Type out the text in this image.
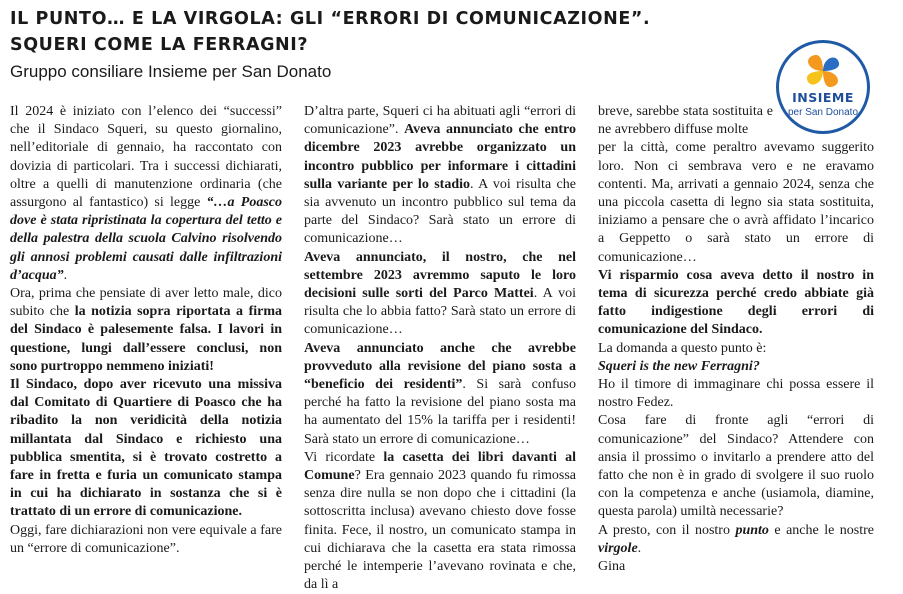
IL PUNTO… E LA VIRGOLA: GLI “ERRORI DI COMUNICAZIONE”.
SQUERI COME LA FERRAGNI?
Gruppo consiliare Insieme per San Donato
INSIEME
per San Donato

Il 2024 è iniziato con l’elenco dei “successi” che il Sindaco Squeri, su questo giornalino, nell’editoriale di gennaio, ha raccontato con dovizia di particolari. Tra i successi dichiarati, oltre a quelli di manutenzione ordinaria (che assurgono al fantastico) si legge “…a Poasco dove è stata ripristinata la copertura del tetto e della palestra della scuola Calvino risolvendo gli annosi problemi causati dalle infiltrazioni d’acqua”.

Ora, prima che pensiate di aver letto male, dico subito che la notizia sopra riportata a firma del Sindaco è palesemente falsa. I lavori in questione, lungi dall’essere conclusi, non sono purtroppo nemmeno iniziati!

Il Sindaco, dopo aver ricevuto una missiva dal Comitato di Quartiere di Poasco che ha ribadito la non veridicità della notizia millantata dal Sindaco e richiesto una pubblica smentita, si è trovato costretto a fare in fretta e furia un comunicato stampa in cui ha dichiarato in sostanza che si è trattato di un errore di comunicazione.

Oggi, fare dichiarazioni non vere equivale a fare un “errore di comunicazione”.

D’altra parte, Squeri ci ha abituati agli “errori di comunicazione”. Aveva annunciato che entro dicembre 2023 avrebbe organizzato un incontro pubblico per informare i cittadini sulla variante per lo stadio. A voi risulta che sia avvenuto un incontro pubblico sul tema da parte del Sindaco? Sarà stato un errore di comunicazione…

Aveva annunciato, il nostro, che nel settembre 2023 avremmo saputo le loro decisioni sulle sorti del Parco Mattei. A voi risulta che lo abbia fatto? Sarà stato un errore di comunicazione…

Aveva annunciato anche che avrebbe provveduto alla revisione del piano sosta a “beneficio dei residenti”. Si sarà confuso perché ha fatto la revisione del piano sosta ma ha aumentato del 15% la tariffa per i residenti! Sarà stato un errore di comunicazione…

Vi ricordate la casetta dei libri davanti al Comune? Era gennaio 2023 quando fu rimossa senza dire nulla se non dopo che i cittadini (la sottoscritta inclusa) avevano chiesto dove fosse finita. Fece, il nostro, un comunicato stampa in cui dichiarava che la casetta era stata rimossa perché le intemperie l’avevano rovinata e che, da lì a

breve, sarebbe stata sostituita e ne avrebbero diffuse molte

per la città, come peraltro avevamo suggerito loro. Non ci sembrava vero e ne eravamo contenti. Ma, arrivati a gennaio 2024, senza che una piccola casetta di legno sia stata sostituita, iniziamo a pensare che o avrà affidato l’incarico a Geppetto o sarà stato un errore di comunicazione…

Vi risparmio cosa aveva detto il nostro in tema di sicurezza perché credo abbiate già fatto indigestione degli errori di comunicazione del Sindaco.

La domanda a questo punto è:

Squeri is the new Ferragni?

Ho il timore di immaginare chi possa essere il nostro Fedez.

Cosa fare di fronte agli “errori di comunicazione” del Sindaco? Attendere con ansia il prossimo o invitarlo a prendere atto del fatto che non è in grado di svolgere il suo ruolo con la competenza e anche (usiamola, diamine, questa parola) umiltà necessarie?

A presto, con il nostro punto e anche le nostre virgole.

Gina
